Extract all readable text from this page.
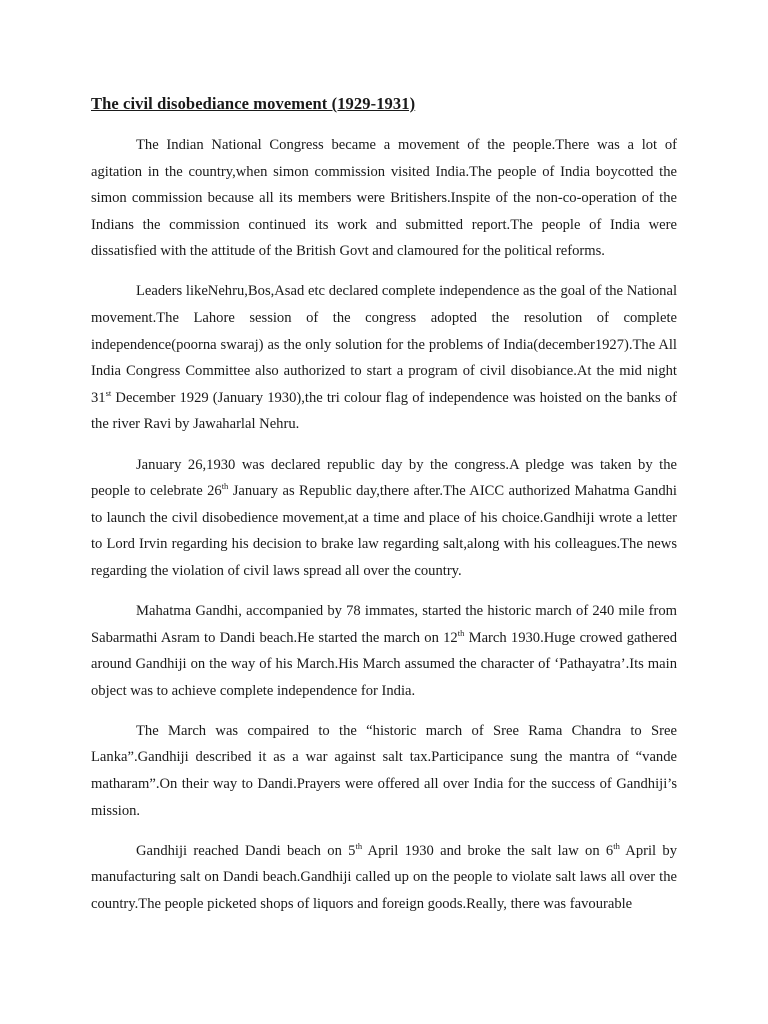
The civil disobediance movement (1929-1931)

The Indian National Congress became a movement of the people.There was a lot of agitation in the country,when simon commission visited India.The people of India boycotted the simon commission because all its members were Britishers.Inspite of the non-co-operation of the Indians the commission continued its work and submitted report.The people of India were dissatisfied with the attitude of the British Govt and clamoured for the political reforms.

Leaders likeNehru,Bos,Asad etc declared complete independence as the goal of the National movement.The Lahore session of the congress adopted the resolution of complete independence(poorna swaraj) as the only solution for the problems of India(december1927).The All India Congress Committee also authorized to start a program of civil disobiance.At the mid night 31st December 1929 (January 1930),the tri colour flag of independence was hoisted on the banks of the river Ravi by Jawaharlal Nehru.

January 26,1930 was declared republic day by the congress.A pledge was taken by the people to celebrate 26th January as Republic day,there after.The AICC authorized Mahatma Gandhi to launch the civil disobedience movement,at a time and place of his choice.Gandhiji wrote a letter to Lord Irvin regarding his decision to brake law regarding salt,along with his colleagues.The news regarding the violation of civil laws spread all over the country.

Mahatma Gandhi, accompanied by 78 immates, started the historic march of 240 mile from Sabarmathi Asram to Dandi beach.He started the march on 12th March 1930.Huge crowed gathered around Gandhiji on the way of his March.His March assumed the character of ‘Pathayatra’.Its main object was to achieve complete independence for India.

The March was compaired to the “historic march of Sree Rama Chandra to Sree Lanka”.Gandhiji described it as a war against salt tax.Participance sung the mantra of “vande matharam”.On their way to Dandi.Prayers were offered all over India for the success of Gandhiji’s mission.

Gandhiji reached Dandi beach on 5th April 1930 and broke the salt law on 6th April by manufacturing salt on Dandi beach.Gandhiji called up on the people to violate salt laws all over the country.The people picketed shops of liquors and foreign goods.Really, there was favourable
